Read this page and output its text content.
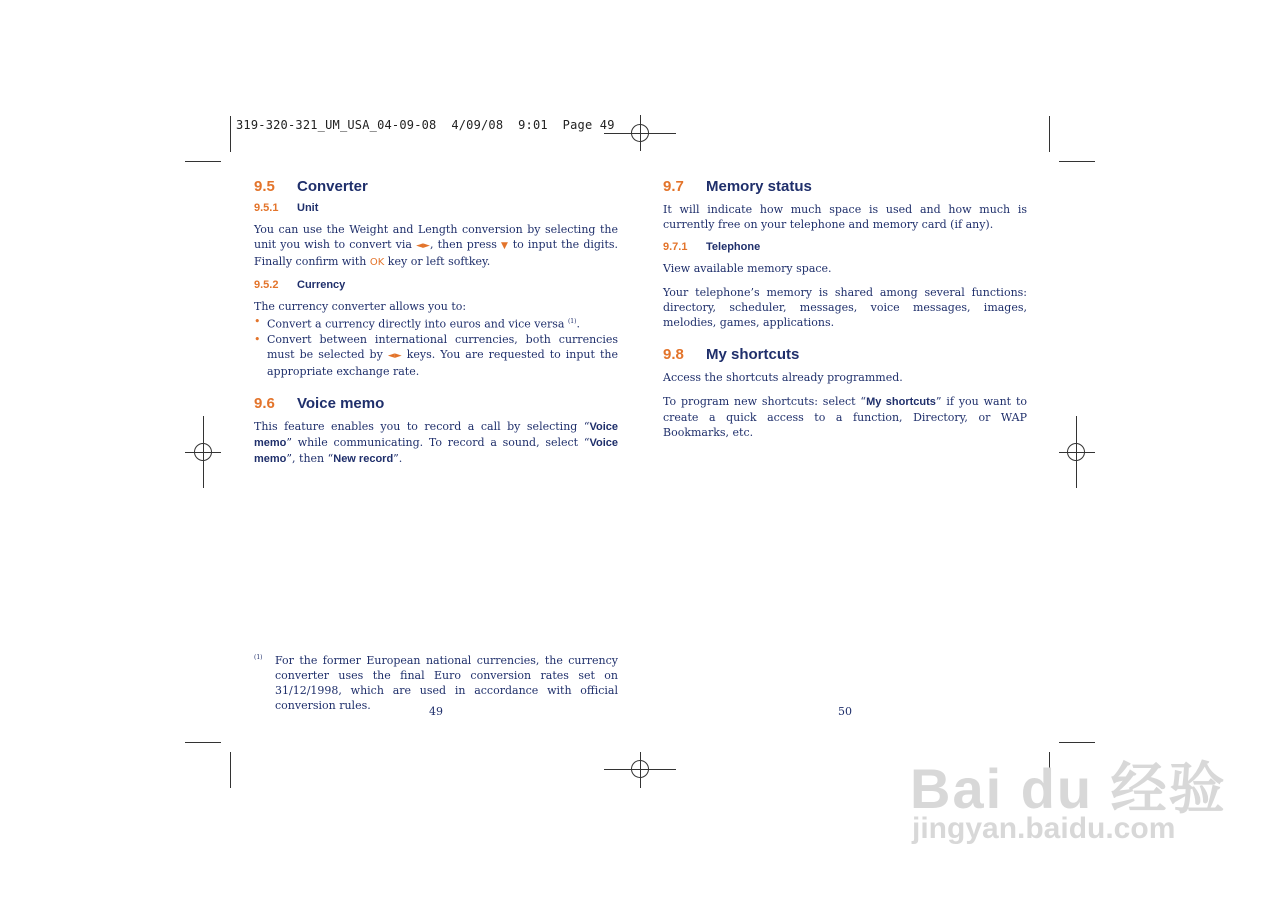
319-320-321_UM_USA_04-09-08  4/09/08  9:01  Page 49
9.5	Converter
9.5.1	Unit

You can use the Weight and Length conversion by selecting the unit you wish to convert via ◄►, then press ▼ to input the digits. Finally confirm with OK key or left softkey.

9.5.2	Currency

The currency converter allows you to:

• Convert a currency directly into euros and vice versa $^{(1)}$.
• Convert between international currencies, both currencies must be selected by ◄► keys. You are requested to input the appropriate exchange rate.
9.6	Voice memo

This feature enables you to record a call by selecting “Voice memo” while communicating. To record a sound, select “Voice memo”, then “New record”.

9.7	Memory status

It will indicate how much space is used and how much is currently free on your telephone and memory card (if any).

9.7.1	Telephone

View available memory space.

Your telephone’s memory is shared among several functions: directory, scheduler, messages, voice messages, images, melodies, games, applications.

9.8	My shortcuts

Access the shortcuts already programmed.

To program new shortcuts: select “My shortcuts” if you want to create a quick access to a function, Directory, or WAP Bookmarks, etc.

(1) For the former European national currencies, the currency converter uses the final Euro conversion rates set on 31/12/1998, which are used in accordance with official conversion rules.	49	50
Bai du 经验
jingyan.baidu.com
